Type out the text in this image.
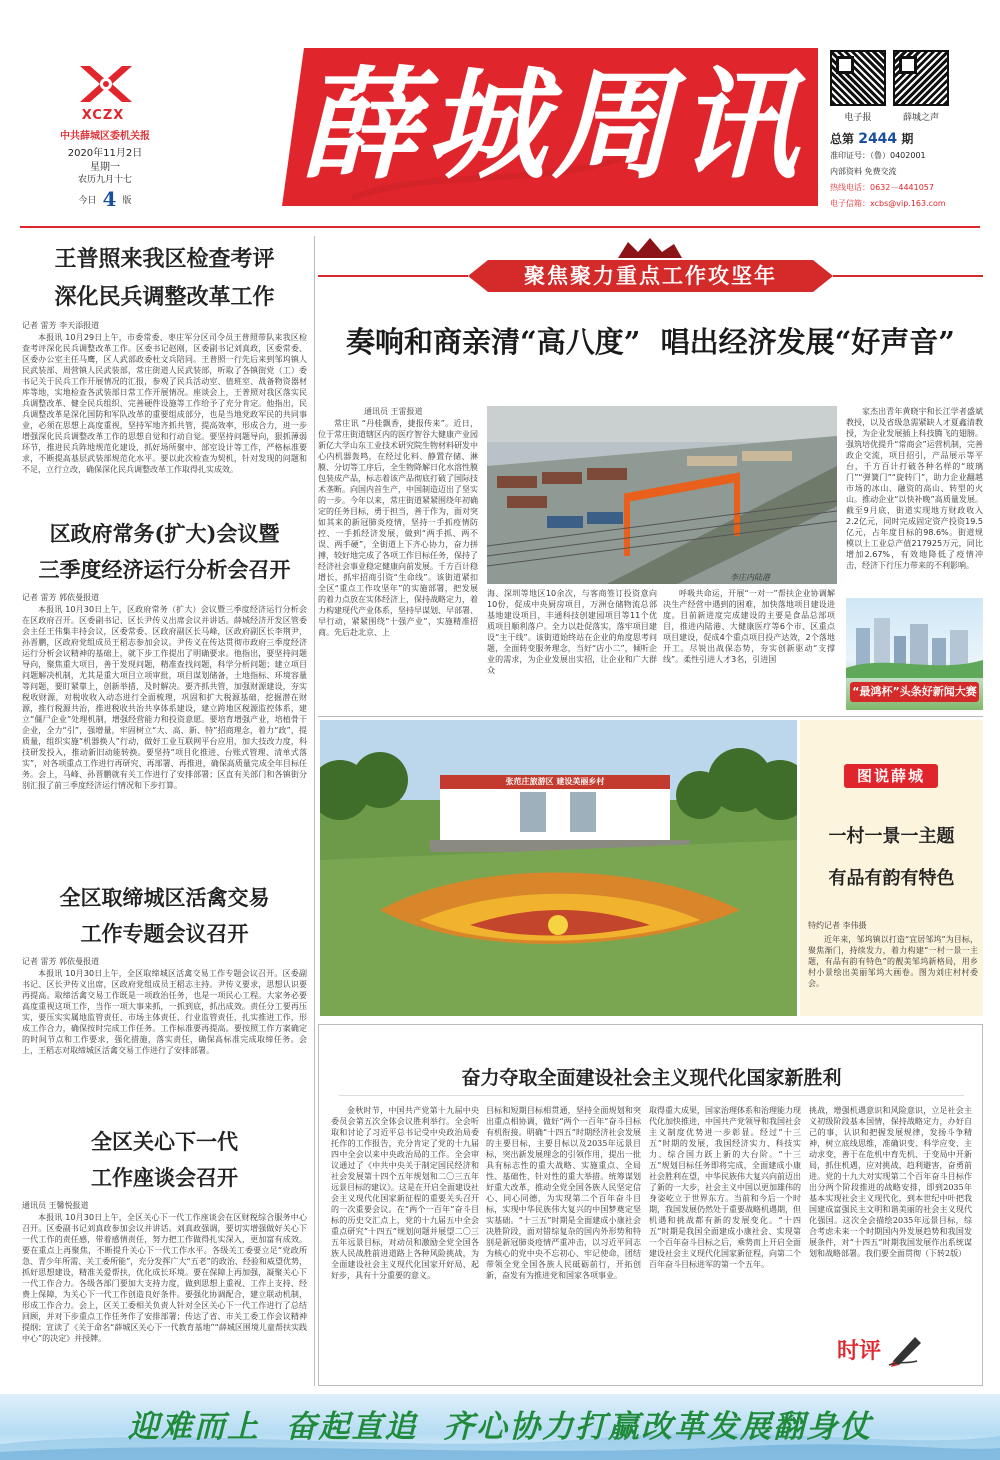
XCZX
中共薛城区委机关报
2020年11月2日
星期一
农历九月十七
今日 4 版
薛城周讯	电子报	薛城之声
总第 2444 期
准印证号：（鲁）0402001
内部资料 免费交流
热线电话：0632－4441057
电子信箱：xcbs@vip.163.com
王普照来我区检查考评
深化民兵调整改革工作
记者 雷芳 李天添报道
本报讯 10月29日上午，市委常委、枣庄军分区司令员王普照带队来我区检查考评深化民兵调整改革工作。区委书记赵刚，区委副书记刘真政，区委常委、区委办公室主任马鹰，区人武部政委杜文兵陪同。王普照一行先后来到邹坞镇人民武装部、周营镇人民武装部，常庄街道人民武装部，听取了各镇街党（工）委书记关于民兵工作开展情况的汇报，参观了民兵活动室、值班室、战备物资器材库等地，实地检查各武装部日常工作开展情况。座谈会上，王普照对我区落实民兵调整改革、健全民兵组织、完善硬件设施等工作给予了充分肯定。他指出，民兵调整改革是深化国防和军队改革的重要组成部分，也是当地党政军民的共同事业，必须在思想上高度重视，坚持军地齐抓共管，提高效率，形成合力，进一步增强深化民兵调整改革工作的思想自觉和行动自觉。要坚持问题导向，狠抓薄弱环节，推进民兵阵地规范化建设，抓好场所聚中、部室设计等工作，严格标准要求，不断提高基层武装部规范化水平。要以此次检查为契机，针对发现的问题和不足，立行立改，确保深化民兵调整改革工作取得扎实成效。
区政府常务(扩大)会议暨
三季度经济运行分析会召开
记者 雷芳 郭依曼报道
本报讯 10月30日上午，区政府常务（扩大）会议暨三季度经济运行分析会在区政府召开。区委副书记、区长尹传义出席会议并讲话。薛城经济开发区管委会主任王伟集丰持会议，区委常委、区政府副区长马峰，区政府副区长李荆尹，孙晋鹏，区政府党组成员王稻志参加会议。尹传义在传达贯彻市政府三季度经济运行分析会议精神的基础上，就下步工作提出了明确要求。他指出，要坚持问题导向，聚焦重大项目，善于发现问题，精准查找问题，科学分析问题；建立项目问题解决机制，尤其是重大项目立项审批，项目谋划储备，土地指标、环境容量等问题，要盯紧靠上，创新举措，及时解决。要齐抓共管，加强财源建设，夯实税收财源，对税收收入动态进行全面梳理，巩固和扩大税源基础，挖掘潜在财源，推行税源共治，推进税收共治共享体系建设，建立跨地区税源监控体系，建立“僵尸企业”处理机制，增强经营能力和投资意愿。要培育增强产业，培植骨干企业，全力“引”，强增量，牢固树立“大、高、新、特”招商理念，着力“政”，提质量，组织实施“机器换人”行动，做好工业互联网平台应用，加大技改力度，科技研发投入，推动新旧动能转换。要坚持“项目化推进、台账式管理、清单式落实”，对各项重点工作进行再研究、再部署、再推进，确保高质量完成全年目标任务。会上，马峰、孙晋鹏就有关工作进行了安排部署；区直有关部门和各镇街分别汇报了前三季度经济运行情况和下步打算。
全区取缔城区活禽交易
工作专题会议召开
记者 雷芳 郭依曼报道
本报讯 10月30日上午，全区取缔城区活禽交易工作专题会议召开。区委副书记、区长尹传义出席，区政府党组成员王稻志主持。尹传义要求，思想认识要再提高。取缔活禽交易工作既是一项政治任务，也是一项民心工程。大家务必要高度重视这项工作，当作一项大事来抓，一抓到底，抓出成效。责任分工要再压实，要压实实属地监管责任、市场主体责任、行业监管责任，扎实推进工作，形成工作合力，确保按时完成工作任务。工作标准要再提高。要按照工作方案确定的时间节点和工作要求，强化措施，落实责任，确保高标准完成取缔任务。会上，王稻志对取缔城区活禽交易工作进行了安排部署。
全区关心下一代
工作座谈会召开
通讯员 王馨悦报道
本报讯 10月30日上午，全区关心下一代工作座谈会在区财税综合服务中心召开。区委副书记刘真政参加会议并讲话。刘真政强调，要切实增强做好关心下一代工作的责任感，带着感情责任，努力把工作做得扎实深入，更加富有成效。要在重点上再聚焦，不断提升关心下一代工作水平。各级关工委要立足“党政所急、青少年所需、关工委所能”，充分发挥广大“五老”的政治、经验和威望优势，抓好思想建设，精准关爱帮扶，优化成长环境。要在保障上再加强，凝聚关心下一代工作合力。各级各部门要加大支持力度，做到思想上重视、工作上支持、经费上保障，为关心下一代工作创造良好条件。要强化协调配合，建立联动机制，形成工作合力。会上，区关工委相关负责人针对全区关心下一代工作进行了总结回顾，并对下步重点工作任务作了安排部署；传达了省、市关工委工作会议精神提纲；宣读了《关于命名“薛城区关心下一代教育基地”“薛城区围境儿童帮扶实践中心”的决定》并授牌。
聚焦聚力重点工作攻坚年
奏响和商亲清“高八度”  唱出经济发展“好声音”
通讯员 王雷报道
常庄讯 “丹桂飘香，捷报传来”。近日，位于常庄街道辖区内的医疗智谷大健康产业园新亿大学山东工业技术研究院生物材料研发中心内机器轰鸣，在经过化料、静置存储、淋膜、分切等工序后，全生物降解日化水溶性膜包装成产品，标志着该产品彻底打破了国际技术垄断。向国内首生产，中国制造迈出了坚实的一步。今年以来，常庄街道紧紧围绕年初确定的任务目标，勇于担当，善于作为，面对突如其来的新冠肺炎疫情，坚持一手抓疫情防控、一手抓经济发展，做到“两手抓、两不误、两手硬”，全街道上下齐心协力，奋力拼搏，较好地完成了各项工作目标任务，保持了经济社会事业稳定健康向前发展。千方百计稳增长，抓牢招商引资“生命线”。该街道紧扣全区“重点工作攻坚年”的实施部署，把发展的着力点放在实体经济上，保持战略定力，着力构建现代产业体系，坚持早谋划、早部署、早行动，紧紧围绕“十强产业”，实施精准招商。先后赴北京、上
李庄内陆港
海、深圳等地区10余次，与客商签订投资意向10份，促成中央厨房项目，万洲仓储物流总部基地建设项目，丰通科技创建园项目等11个优质项目顺利落户。全力以赴促落实，落牢项目建设“主干线”。该街道始终站在企业的角度思考问题，全面转变服务理念，当好“店小二”，倾听企业的需求，为企业发展出实招，让企业和广大群众
呼吸共命运，开展“一对一”帮扶企业协调解决生产经营中遇到的困难，加快落地项目建设进度。目前新进度完成建设的主要是食品总部项目，推进内陆港、大健康医疗等6个市、区重点项目建设，促成4个重点项目投产达效，2个落地开工。尽锐出战保态势，夯实创新驱动“支撑线”。柔性引进人才3名，引进国
家杰出青年黄晓宇和长江学者盛斌教授，以及省级急需紧缺人才夏鑫清教授，为企业发展插上科技腾飞的翅膀。强筑培优提升“常商会”运营机制，完善政企交流，项目招引，产品展示等平台，千方百计打破各种名样的“玻璃门”“弹簧门”“旋转门”，助力企业翻越市场的冰山、融资的高山、转型的火山。推动企业“以快补晚”高质量发展。截至9月底，街道实现地方财政收入2.2亿元，同时完成固定资产投资19.5亿元，占年度目标的98.6%。街道规模以上工业总产值217925万元，同比增加2.67%，有效地降低了疫情冲击，经济下行压力带来的不利影响。
“最鸿杯”头条好新闻大赛
张范庄旅游区 建设美丽乡村	图说薛城
一村一景一主题
有品有韵有特色
特约记者 李伟摄
近年来，邹坞镇以打造“宜居邹坞”为目标，聚焦渐门，持续发力，着力构建“一村一景一主题，有品有韵有特色”的靓美邹坞新格局，用乡村小景绘出美丽邹坞大画卷。图为刘庄村村委会。
奋力夺取全面建设社会主义现代化国家新胜利
金秋时节，中国共产党第十九届中央委员会第五次全体会议胜利举行。全会听取和讨论了习近平总书记受中央政治局委托作的工作报告，充分肯定了党的十九届四中全会以来中央政治局的工作。全会审议通过了《中共中央关于制定国民经济和社会发展第十四个五年规划和二〇三五年远景目标的建议》。这是在开启全面建设社会主义现代化国家新征程的重要关头召开的一次重要会议。在“两个一百年”奋斗目标的历史交汇点上，党的十九届五中全会重点研究“十四五”规划问题并展望二〇三五年远景目标，对动员和激励全党全国各族人民战胜前进道路上各种风险挑战，为全面建设社会主义现代化国家开好局、起好步，具有十分重要的意义。
目标和短期目标相贯通，坚持全面规划和突出重点相协调，做好“两个一百年”奋斗目标有机衔接。明确“十四五”时期经济社会发展的主要目标，主要目标以及2035年远景目标，突出新发展理念的引领作用，提出一批具有标志性的重大战略、实施重点、全局性、基础性、针对性的重大举措。统筹谋划好重大改革，推动全党全国各族人民坚定信心、同心同德，为实现第二个百年奋斗目标，实现中华民族伟大复兴的中国梦奠定坚实基础。“十三五”时期是全面建成小康社会决胜阶段，面对错综复杂的国内外形势和特别是新冠肺炎疫情严重冲击，以习近平同志为核心的党中央不忘初心、牢记使命，团结带领全党全国各族人民砥砺前行，开拓创新，奋发有为推进党和国家各项事业。
取得重大成果，国家治理体系和治理能力现代化加快推进，中国共产党领导和我国社会主义制度优势进一步彰显。经过“十三五”时期的发展，我国经济实力、科技实力、综合国力跃上新的大台阶。“十三五”规划目标任务即将完成，全面建成小康社会胜利在望，中华民族伟大复兴向前迈出了新的一大步，社会主义中国以更加雄伟的身姿屹立于世界东方。当前和今后一个时期，我国发展仍然处于重要战略机遇期，但机遇和挑战都有新的发展变化。“十四五”时期是我国全面建成小康社会、实现第一个百年奋斗目标之后，乘势而上开启全面建设社会主义现代化国家新征程，向第二个百年奋斗目标进军的第一个五年。
挑战，增强机遇意识和风险意识，立足社会主义初级阶段基本国情，保持战略定力，办好自己的事，认识和把握发展规律，发扬斗争精神，树立底线思维，准确识变、科学应变、主动求变，善于在危机中育先机、于变局中开新局，抓住机遇，应对挑战，趋利避害，奋勇前进。党的十九大对实现第二个百年奋斗目标作出分两个阶段推进的战略安排，即到2035年基本实现社会主义现代化，到本世纪中叶把我国建成富强民主文明和谐美丽的社会主义现代化强国。这次全会描绘2035年远景目标，综合考虑未来一个时期国内外发展趋势和我国发展条件，对“十四五”时期我国发展作出系统谋划和战略部署。我们要全面贯彻（下转2版）
时评
迎难而上  奋起直追  齐心协力打赢改革发展翻身仗
